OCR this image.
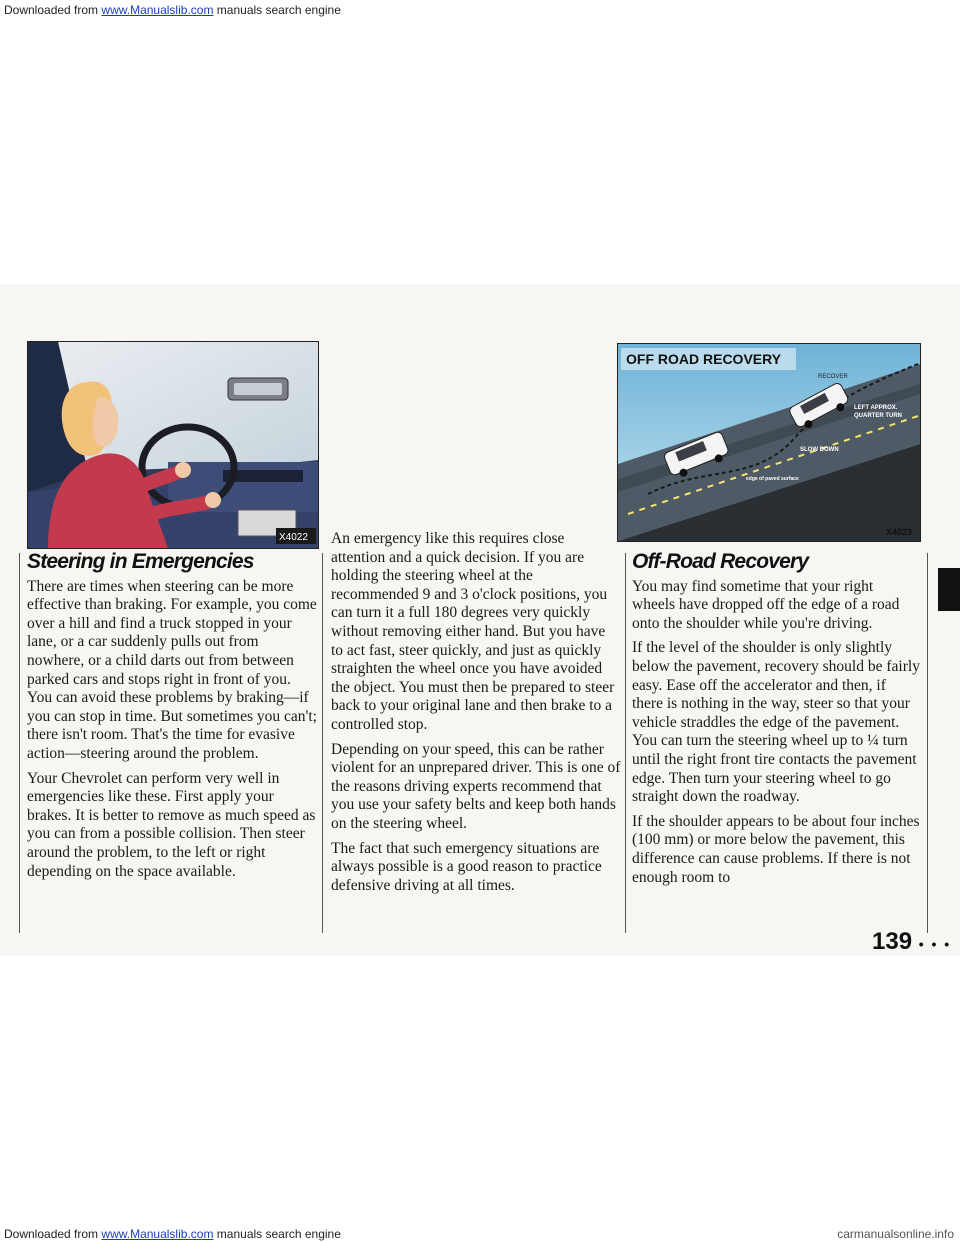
Downloaded from www.Manualslib.com manuals search engine
X4022
OFF ROAD RECOVERY
RECOVER
LEFT APPROX.
QUARTER TURN
SLOW DOWN
edge of paved surface
X4023
Steering in Emergencies

There are times when steering can be more effective than braking. For example, you come over a hill and find a truck stopped in your lane, or a car suddenly pulls out from nowhere, or a child darts out from between parked cars and stops right in front of you. You can avoid these problems by braking—if you can stop in time. But sometimes you can't; there isn't room. That's the time for evasive action—steering around the problem.

Your Chevrolet can perform very well in emergencies like these. First apply your brakes. It is better to remove as much speed as you can from a possible collision. Then steer around the problem, to the left or right depending on the space available.

An emergency like this requires close attention and a quick decision. If you are holding the steering wheel at the recommended 9 and 3 o'clock positions, you can turn it a full 180 degrees very quickly without removing either hand. But you have to act fast, steer quickly, and just as quickly straighten the wheel once you have avoided the object. You must then be prepared to steer back to your original lane and then brake to a controlled stop.

Depending on your speed, this can be rather violent for an unprepared driver. This is one of the reasons driving experts recommend that you use your safety belts and keep both hands on the steering wheel.

The fact that such emergency situations are always possible is a good reason to practice defensive driving at all times.

Off-Road Recovery

You may find sometime that your right wheels have dropped off the edge of a road onto the shoulder while you're driving.

If the level of the shoulder is only slightly below the pavement, recovery should be fairly easy. Ease off the accelerator and then, if there is nothing in the way, steer so that your vehicle straddles the edge of the pavement. You can turn the steering wheel up to ¼ turn until the right front tire contacts the pavement edge. Then turn your steering wheel to go straight down the roadway.

If the shoulder appears to be about four inches (100 mm) or more below the pavement, this difference can cause problems. If there is not enough room to

139 • • •
Downloaded from www.Manualslib.com manuals search engine	carmanualsonline.info
